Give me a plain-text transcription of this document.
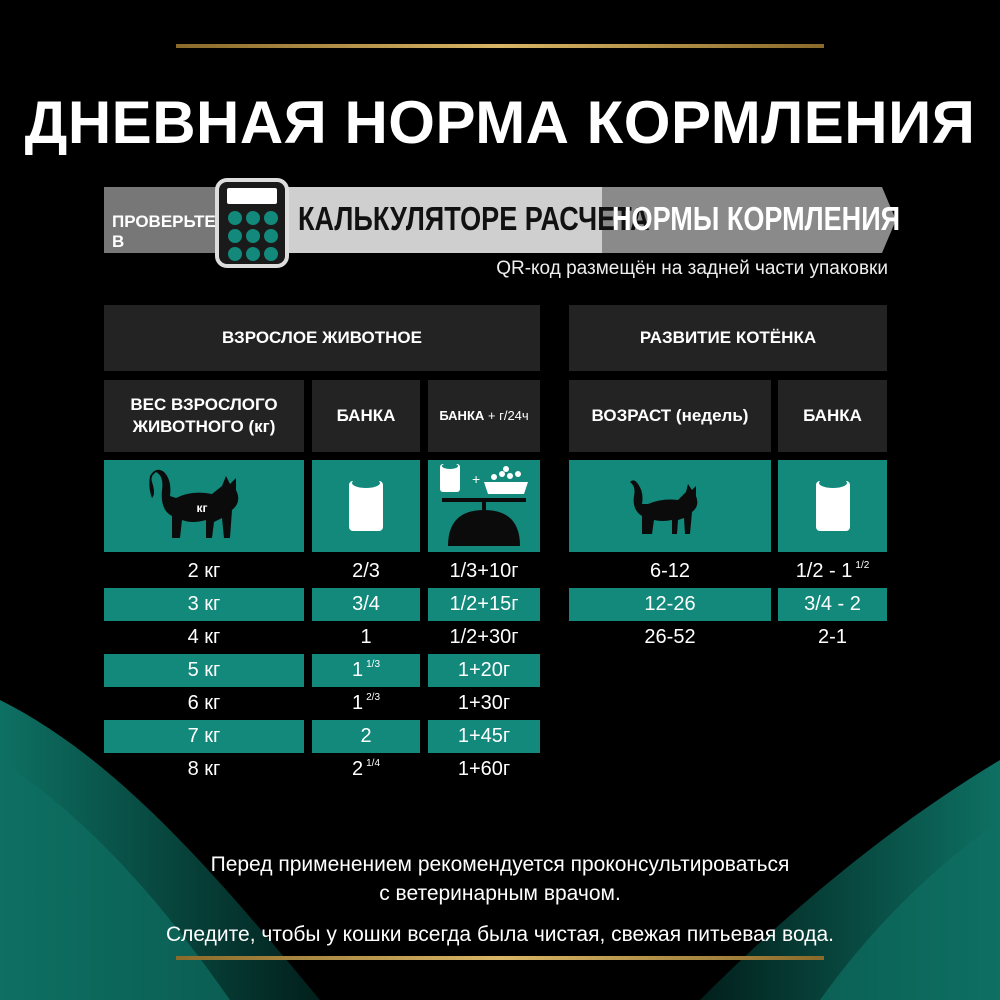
ДНЕВНАЯ НОРМА КОРМЛЕНИЯ
ПРОВЕРЬТЕ В
КАЛЬКУЛЯТОРЕ РАСЧЕТА
НОРМЫ КОРМЛЕНИЯ
QR-код размещён на задней части упаковки
ВЗРОСЛОЕ ЖИВОТНОЕ
ВЕС ВЗРОСЛОГО ЖИВОТНОГО (кг)
БАНКА	БАНКА
+ г/24ч
РАЗВИТИЕ КОТЁНКА
ВОЗРАСТ (недель)	БАНКА
кг
+
2 кг	2/3	1/3+10г
3 кг	3/4	1/2+15г
4 кг	1	1/2+30г
5 кг	1 $^{1/3}$	1+20г
6 кг	1 $^{2/3}$	1+30г
7 кг	2	1+45г
8 кг	2 $^{1/4}$	1+60г
6-12	1/2 - 1 $^{1/2}$
12-26	3/4 - 2
26-52	2-1
Перед применением рекомендуется проконсультироваться
с ветеринарным врачом.
Следите, чтобы у кошки всегда была чистая, свежая питьевая вода.
